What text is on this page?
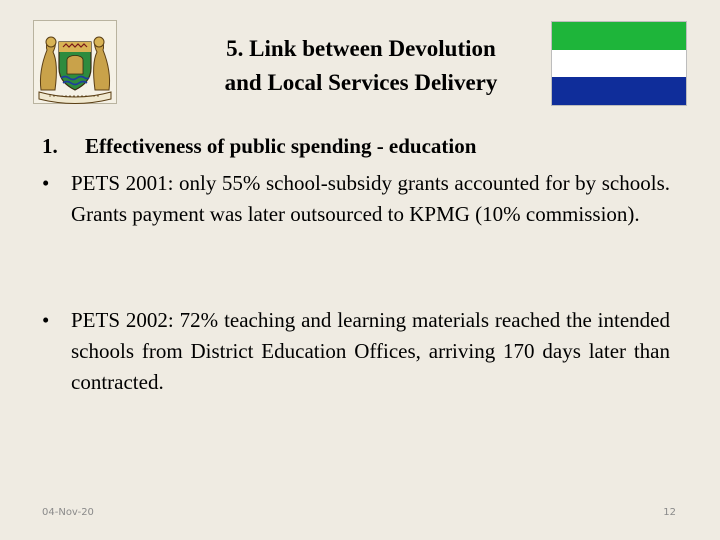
5. Link between Devolution
and Local Services Delivery
1. Effectiveness of public spending - education
•	PETS 2001: only 55% school-subsidy grants accounted for by schools. Grants payment was later outsourced to KPMG (10% commission).
•	PETS 2002: 72% teaching and learning materials reached the intended schools from District Education Offices, arriving 170 days later than contracted.
04-Nov-20	12
